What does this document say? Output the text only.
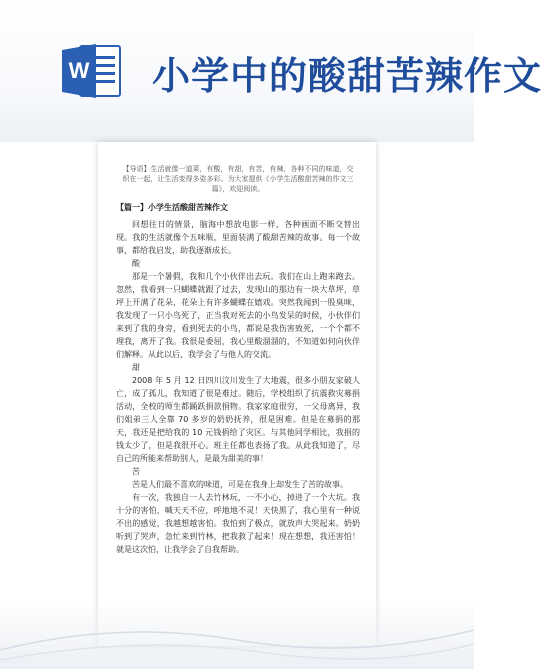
W 小学中的酸甜苦辣作文
【导语】生活就像一道菜，有酸，有甜，有苦，有辣，各种不同的味道，交织在一起，让生活变得多姿多彩。为大家提供《小学生活酸甜苦辣的作文三篇》，欢迎阅读。
【篇一】小学生活酸甜苦辣作文

回想往日的情景，脑海中想放电影一样，各种画面不断交替出现。我的生活就像个五味瓶，里面装满了酸甜苦辣的故事。每一个故事，都给我启发，助我逐渐成长。

酸

那是一个暑假，我和几个小伙伴出去玩。我们在山上跑来跑去。忽然，我看到一只蝴蝶就跟了过去，发现山的那边有一块大草坪，草坪上开满了花朵，花朵上有许多蝴蝶在嬉戏。突然我闻到一股臭味，我发现了一只小鸟死了，正当我对死去的小鸟发呆的时候，小伙伴们来到了我的身旁，看到死去的小鸟，都说是我伤害致死，一个个都不理我，离开了我。我很是委屈，我心里酸溜溜的，不知道如何向伙伴们解释。从此以后，我学会了与他人的交流。

甜

2008 年 5 月 12 日四川汶川发生了大地震，很多小朋友家破人亡，成了孤儿，我知道了很是难过。随后，学校组织了抗震救灾募捐活动，全校的师生都踊跃捐款捐物。我家家庭很穷，一父母离异，我们姐弟三人全靠 70 多岁的奶奶抚养，很是困难。但是在募捐的那天，我还是把给我的 10 元钱捐给了灾区。与其他同学相比，我捐的钱太少了，但是我很开心。班主任都也表扬了我。从此我知道了，尽自己的所能来帮助别人，是最为甜美的事！

苦

苦是人们最不喜欢的味道，可是在我身上却发生了苦的故事。

有一次，我独自一人去竹林玩，一不小心，掉进了一个大坑。我十分的害怕，喊天天不应，呼地地不灵！天快黑了，我心里有一种说不出的感觉，我越想越害怕。我怕到了极点，就放声大哭起来。奶奶听到了哭声，急忙来到竹林，把我救了起来！现在想想，我还害怕！就是这次怕，让我学会了自我帮助。
